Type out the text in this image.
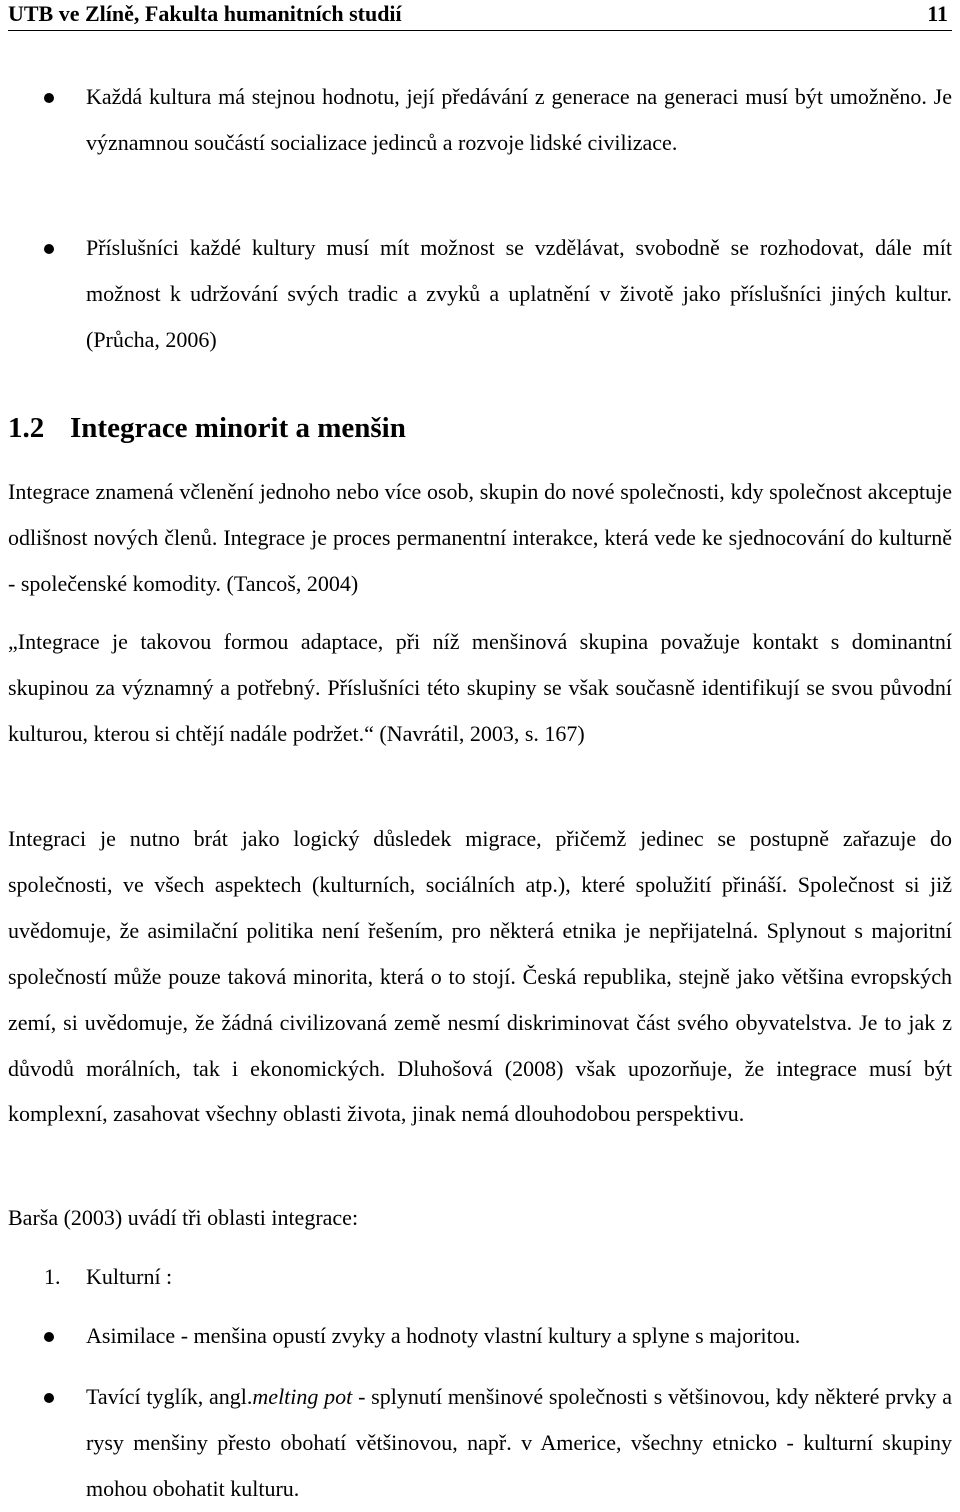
UTB ve Zlíně, Fakulta humanitních studií	11

Každá kultura má stejnou hodnotu, její předávání z generace na generaci musí být umožněno. Je významnou součástí socializace jedinců a rozvoje lidské civilizace.

Příslušníci každé kultury musí mít možnost se vzdělávat, svobodně se rozhodovat, dále mít možnost k udržování svých tradic a zvyků a uplatnění v životě jako příslušníci jiných kultur. (Průcha, 2006)

1.2 Integrace minorit a menšin

Integrace znamená včlenění jednoho nebo více osob, skupin do nové společnosti, kdy společnost akceptuje odlišnost nových členů. Integrace je proces permanentní interakce, která vede ke sjednocování do kulturně - společenské komodity. (Tancoš, 2004)

„Integrace je takovou formou adaptace, při níž menšinová skupina považuje kontakt s dominantní skupinou za významný a potřebný. Příslušníci této skupiny se však současně identifikují se svou původní kulturou, kterou si chtějí nadále podržet.“ (Navrátil, 2003, s. 167)

Integraci je nutno brát jako logický důsledek migrace, přičemž jedinec se postupně zařazuje do společnosti, ve všech aspektech (kulturních, sociálních atp.), které spolužití přináší. Společnost si již uvědomuje, že asimilační politika není řešením, pro některá etnika je nepřijatelná. Splynout s majoritní společností může pouze taková minorita, která o to stojí. Česká republika, stejně jako většina evropských zemí, si uvědomuje, že žádná civilizovaná země nesmí diskriminovat část svého obyvatelstva. Je to jak z důvodů morálních, tak i ekonomických. Dluhošová (2008) však upozorňuje, že integrace musí být komplexní, zasahovat všechny oblasti života, jinak nemá dlouhodobou perspektivu.

Barša (2003) uvádí tři oblasti integrace:

1. Kulturní :

Asimilace - menšina opustí zvyky a hodnoty vlastní kultury a splyne s majoritou.

Tavící tyglík, angl.melting pot - splynutí menšinové společnosti s většinovou, kdy některé prvky a rysy menšiny přesto obohatí většinovou, např. v Americe, všechny etnicko - kulturní skupiny mohou obohatit kulturu.
